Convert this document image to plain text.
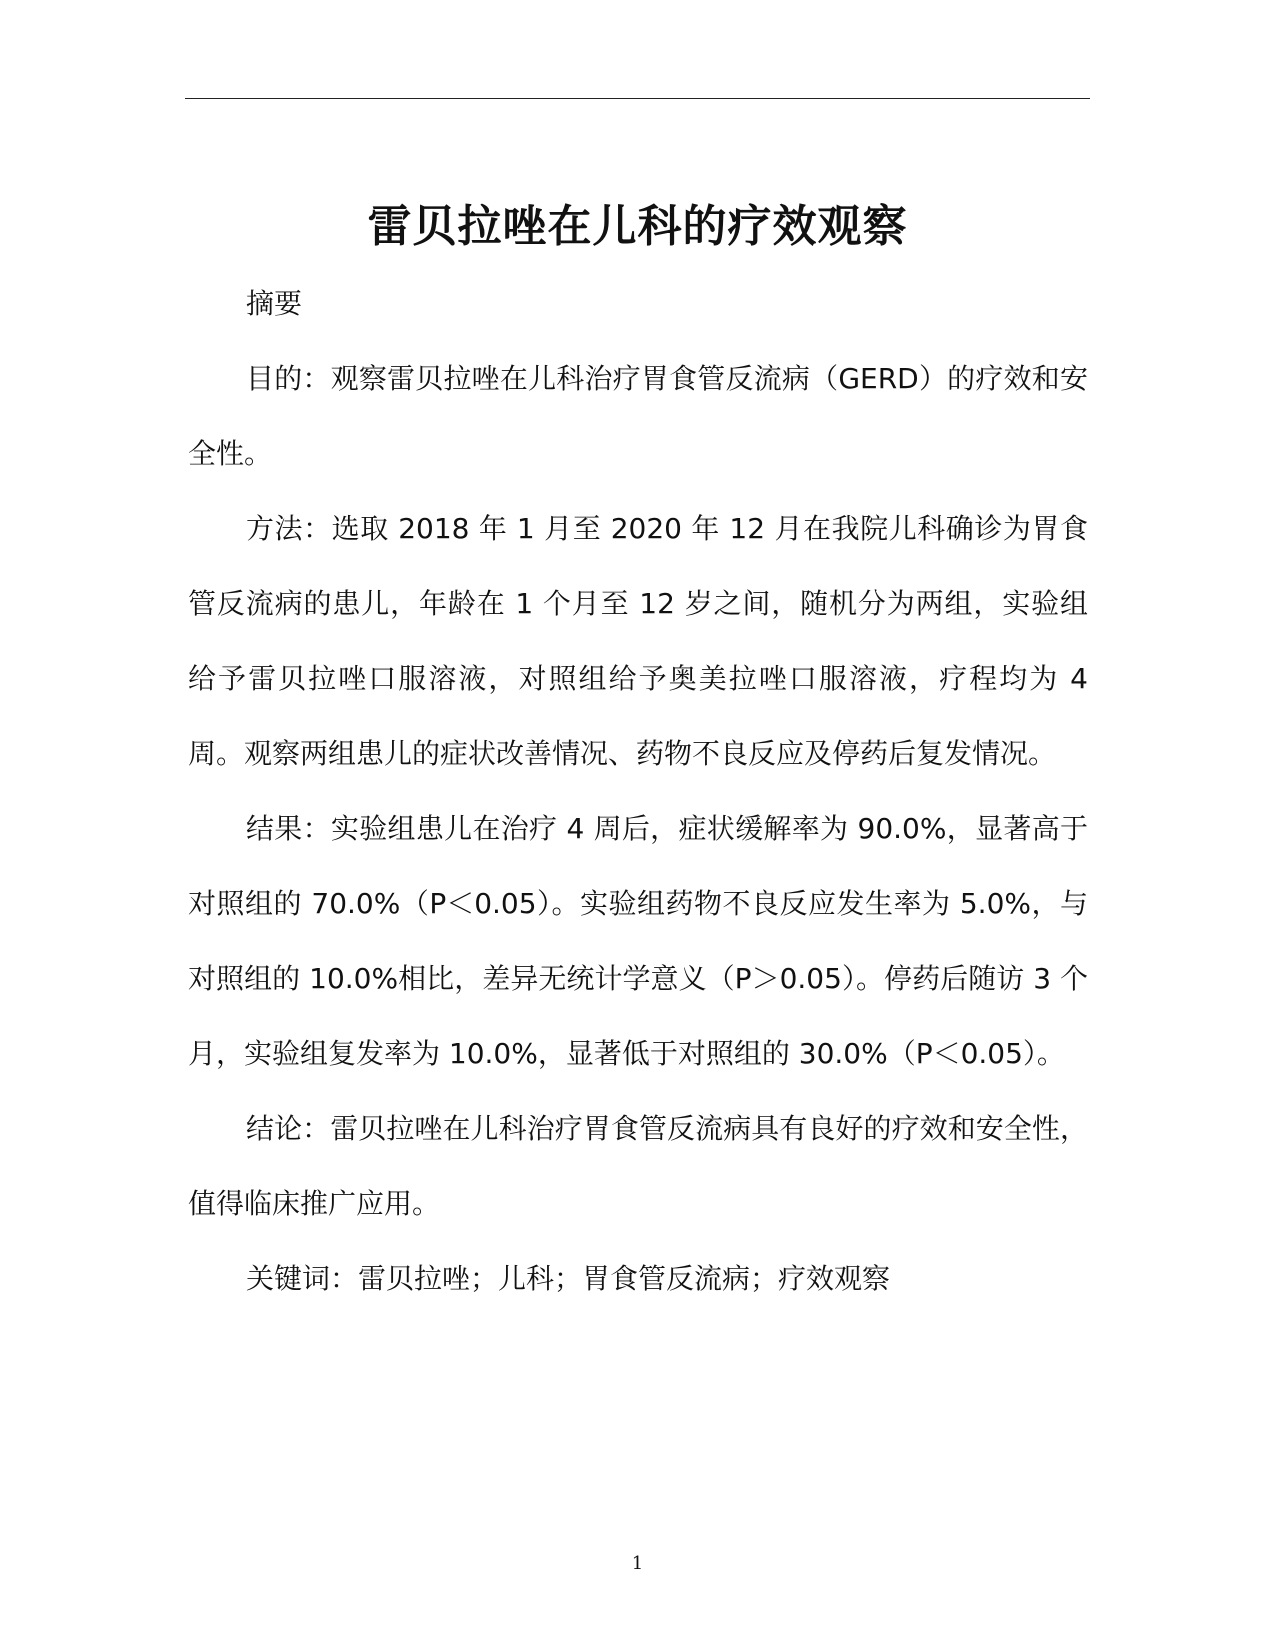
雷贝拉唑在儿科的疗效观察

摘要

目的：观察雷贝拉唑在儿科治疗胃食管反流病（GERD）的疗效和安全性。

方法：选取 2018 年 1 月至 2020 年 12 月在我院儿科确诊为胃食管反流病的患儿，年龄在 1 个月至 12 岁之间，随机分为两组，实验组给予雷贝拉唑口服溶液，对照组给予奥美拉唑口服溶液，疗程均为 4 周。观察两组患儿的症状改善情况、药物不良反应及停药后复发情况。

结果：实验组患儿在治疗 4 周后，症状缓解率为 90.0%，显著高于对照组的 70.0%（P＜0.05）。实验组药物不良反应发生率为 5.0%，与对照组的 10.0%相比，差异无统计学意义（P＞0.05）。停药后随访 3 个月，实验组复发率为 10.0%，显著低于对照组的 30.0%（P＜0.05）。

结论：雷贝拉唑在儿科治疗胃食管反流病具有良好的疗效和安全性，值得临床推广应用。

关键词：雷贝拉唑；儿科；胃食管反流病；疗效观察

1
